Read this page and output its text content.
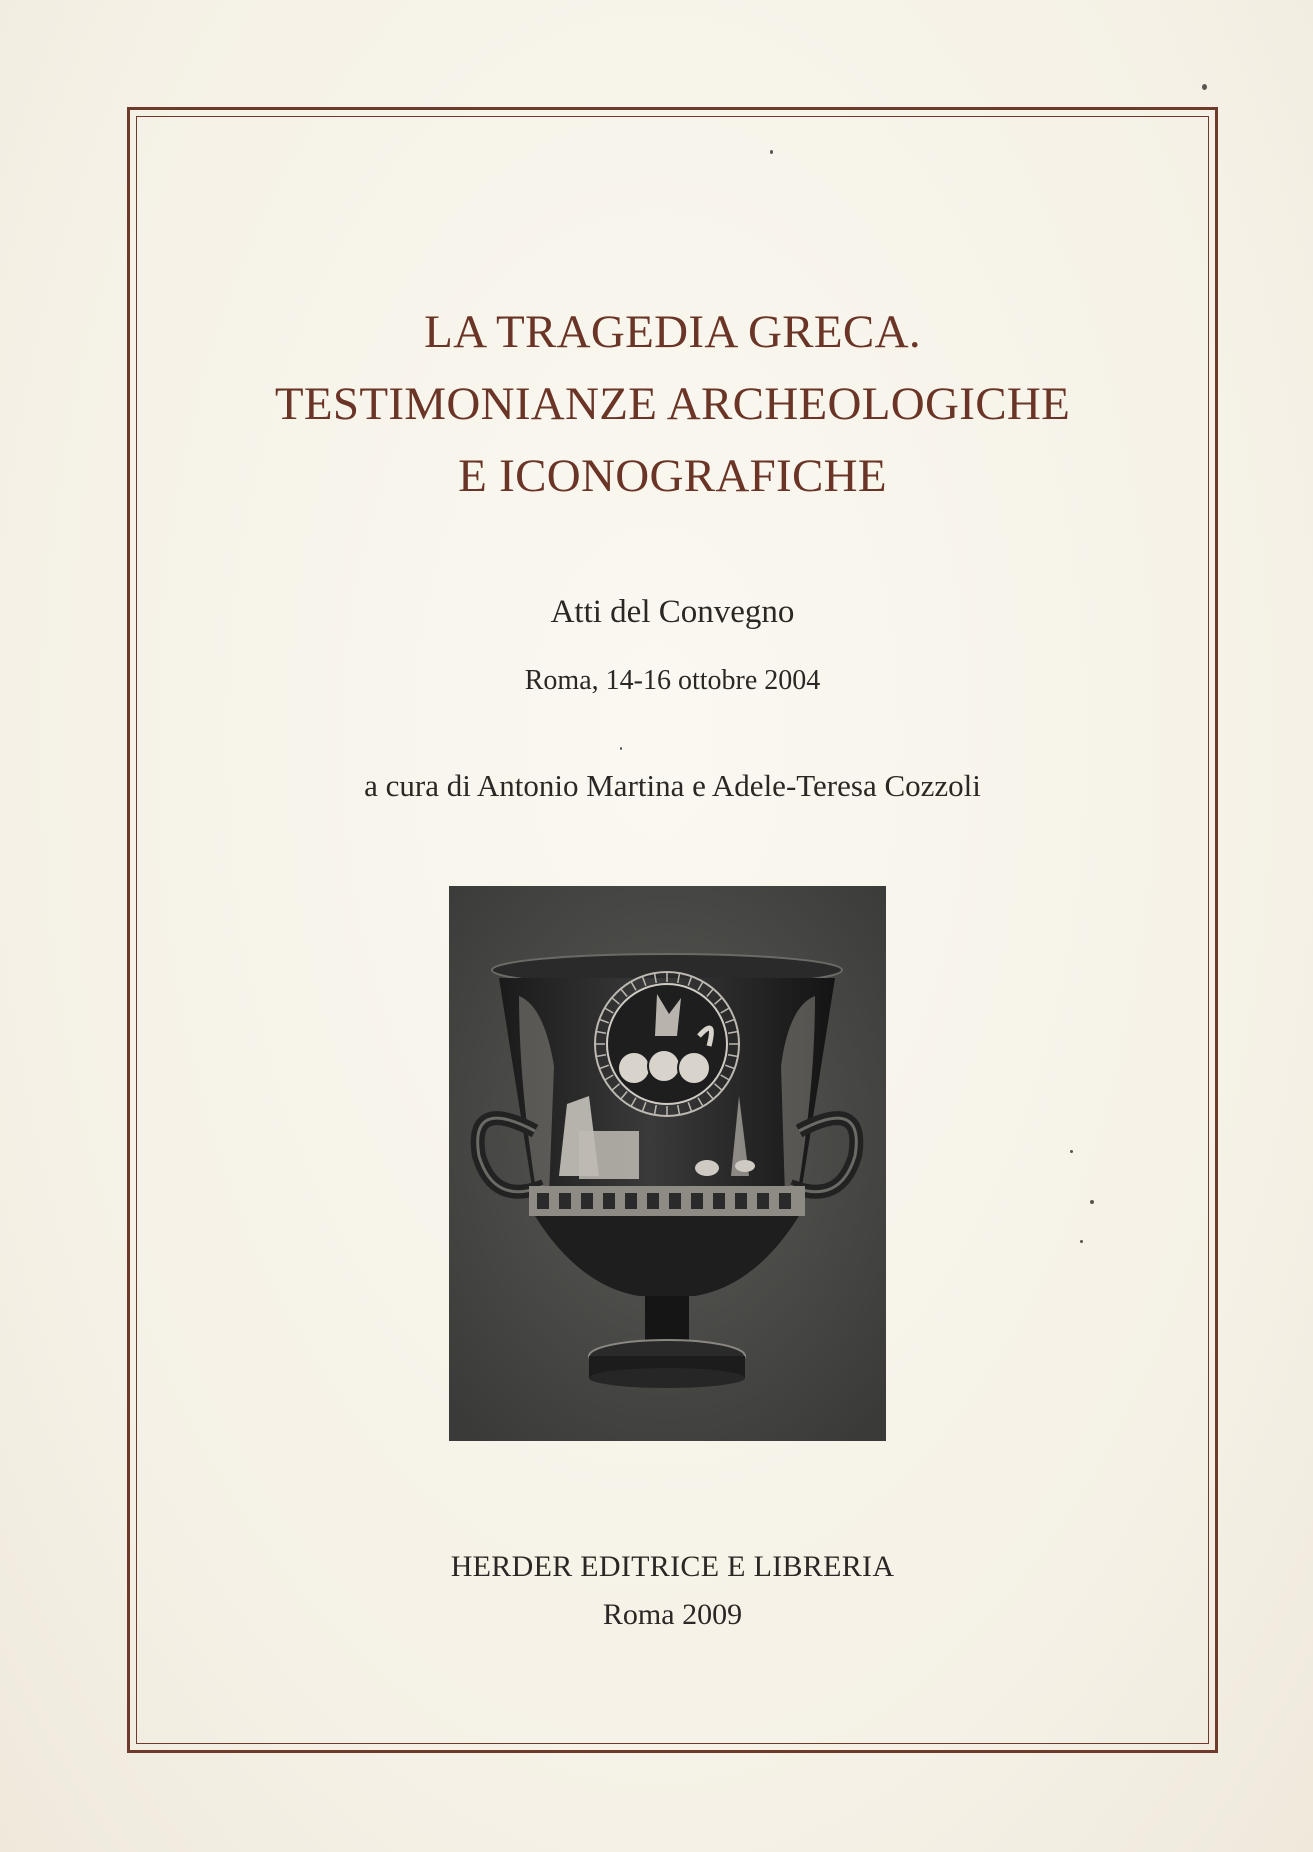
LA TRAGEDIA GRECA.
TESTIMONIANZE ARCHEOLOGICHE
E ICONOGRAFICHE
Atti del Convegno
Roma, 14-16 ottobre 2004
a cura di Antonio Martina e Adele-Teresa Cozzoli
HERDER EDITRICE E LIBRERIA
Roma 2009
